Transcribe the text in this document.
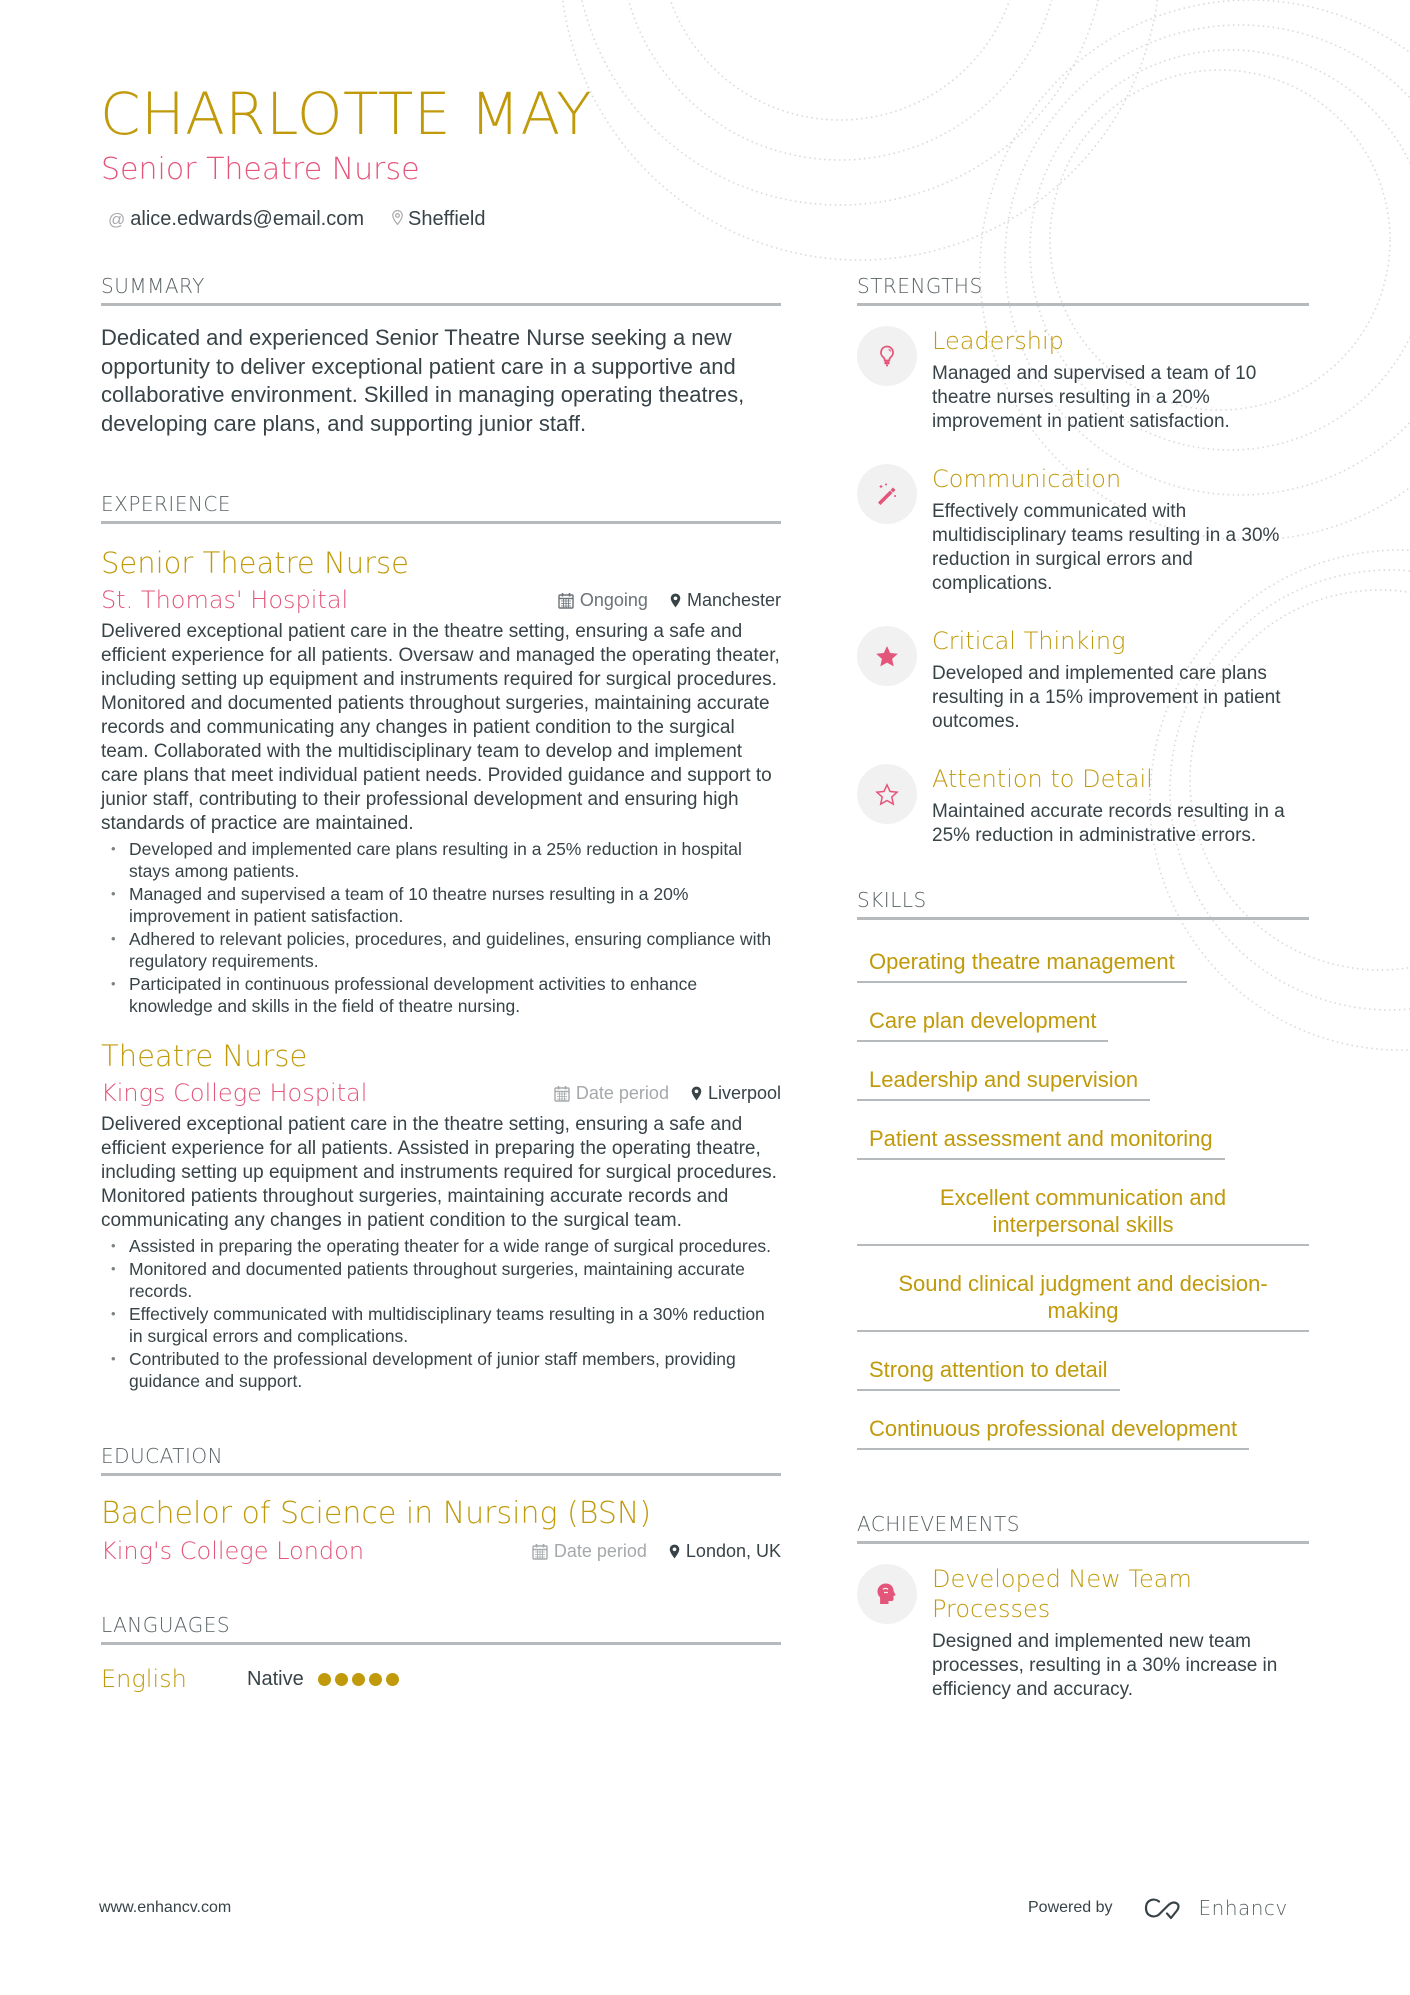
CHARLOTTE MAY
Senior Theatre Nurse
@ alice.edwards@email.com Sheffield
SUMMARY

Dedicated and experienced Senior Theatre Nurse seeking a new opportunity to deliver exceptional patient care in a supportive and collaborative environment. Skilled in managing operating theatres, developing care plans, and supporting junior staff.

EXPERIENCE
Senior Theatre Nurse
St. Thomas' Hospital	Ongoing Manchester

Delivered exceptional patient care in the theatre setting, ensuring a safe and efficient experience for all patients. Oversaw and managed the operating theater, including setting up equipment and instruments required for surgical procedures. Monitored and documented patients throughout surgeries, maintaining accurate records and communicating any changes in patient condition to the surgical team. Collaborated with the multidisciplinary team to develop and implement care plans that meet individual patient needs. Provided guidance and support to junior staff, contributing to their professional development and ensuring high standards of practice are maintained.

• Developed and implemented care plans resulting in a 25% reduction in hospital stays among patients.
• Managed and supervised a team of 10 theatre nurses resulting in a 20% improvement in patient satisfaction.
• Adhered to relevant policies, procedures, and guidelines, ensuring compliance with regulatory requirements.
• Participated in continuous professional development activities to enhance knowledge and skills in the field of theatre nursing.
Theatre Nurse
Kings College Hospital	Date period Liverpool

Delivered exceptional patient care in the theatre setting, ensuring a safe and efficient experience for all patients. Assisted in preparing the operating theatre, including setting up equipment and instruments required for surgical procedures. Monitored patients throughout surgeries, maintaining accurate records and communicating any changes in patient condition to the surgical team.

• Assisted in preparing the operating theater for a wide range of surgical procedures.
• Monitored and documented patients throughout surgeries, maintaining accurate records.
• Effectively communicated with multidisciplinary teams resulting in a 30% reduction in surgical errors and complications.
• Contributed to the professional development of junior staff members, providing guidance and support.
EDUCATION
Bachelor of Science in Nursing (BSN)
King's College London	Date period London, UK
LANGUAGES
English	Native
STRENGTHS
Leadership
Managed and supervised a team of 10 theatre nurses resulting in a 20% improvement in patient satisfaction.
Communication
Effectively communicated with multidisciplinary teams resulting in a 30% reduction in surgical errors and complications.
Critical Thinking
Developed and implemented care plans resulting in a 15% improvement in patient outcomes.
Attention to Detail
Maintained accurate records resulting in a 25% reduction in administrative errors.
SKILLS
Operating theatre management
Care plan development
Leadership and supervision
Patient assessment and monitoring
Excellent communication and interpersonal skills
Sound clinical judgment and decision-making
Strong attention to detail
Continuous professional development
ACHIEVEMENTS
Developed New Team Processes
Designed and implemented new team processes, resulting in a 30% increase in efficiency and accuracy.
www.enhancv.com	Powered by	Enhancv
